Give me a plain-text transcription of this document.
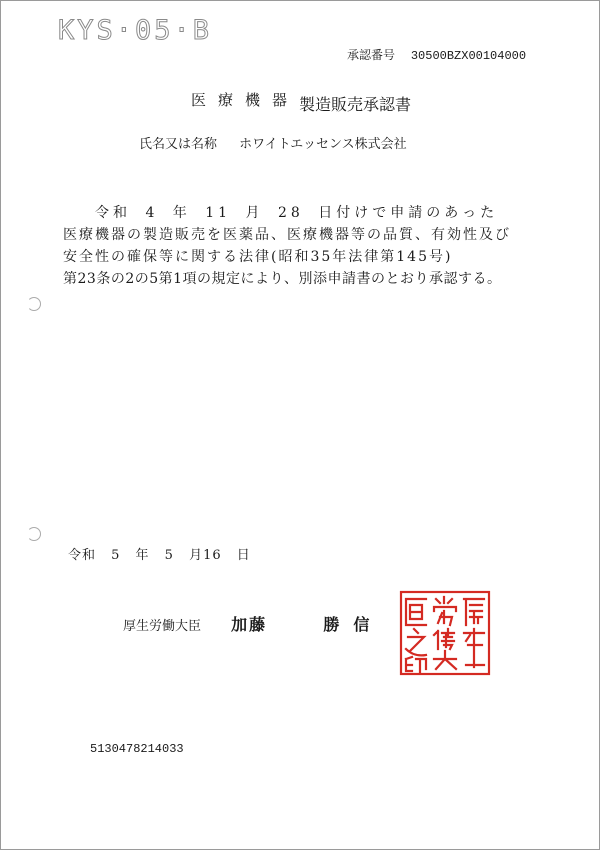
KYS·05·B
承認番号 30500BZX00104000
医療機器製造販売承認書
氏名又は名称 ホワイトエッセンス株式会社
令和 4 年 11 月 28 日付けで申請のあった
医療機器の製造販売を医薬品、医療機器等の品質、有効性及び
安全性の確保等に関する法律(昭和35年法律第145号)
第23条の2の5第1項の規定により、別添申請書のとおり承認する。
令和 5 年 5 月16 日
厚生労働大臣 加藤	勝信
5130478214033
